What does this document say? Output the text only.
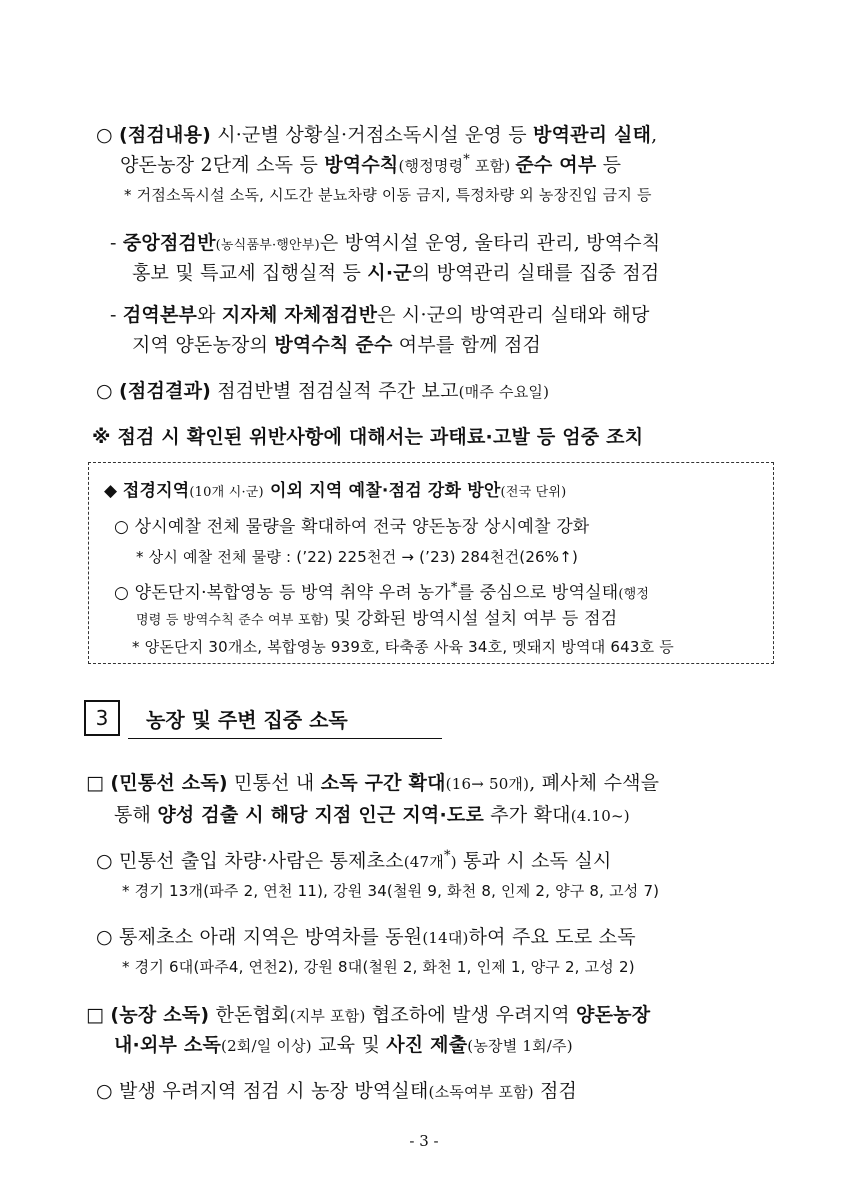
○ (점검내용) 시·군별 상황실·거점소독시설 운영 등 방역관리 실태,
양돈농장 2단계 소독 등 방역수칙(행정명령* 포함) 준수 여부 등
* 거점소독시설 소독, 시도간 분뇨차량 이동 금지, 특정차량 외 농장진입 금지 등
- 중앙점검반(농식품부·행안부)은 방역시설 운영, 울타리 관리, 방역수칙
홍보 및 특교세 집행실적 등 시·군의 방역관리 실태를 집중 점검
- 검역본부와 지자체 자체점검반은 시·군의 방역관리 실태와 해당
지역 양돈농장의 방역수칙 준수 여부를 함께 점검
○ (점검결과) 점검반별 점검실적 주간 보고(매주 수요일)
※ 점검 시 확인된 위반사항에 대해서는 과태료·고발 등 엄중 조치
◆ 접경지역(10개 시·군) 이외 지역 예찰·점검 강화 방안(전국 단위)
○ 상시예찰 전체 물량을 확대하여 전국 양돈농장 상시예찰 강화
* 상시 예찰 전체 물량 : (’22) 225천건 → (’23) 284천건(26%↑)
○ 양돈단지·복합영농 등 방역 취약 우려 농가*를 중심으로 방역실태(행정
명령 등 방역수칙 준수 여부 포함) 및 강화된 방역시설 설치 여부 등 점검
* 양돈단지 30개소, 복합영농 939호, 타축종 사육 34호, 멧돼지 방역대 643호 등
3	농장 및 주변 집중 소독
□ (민통선 소독) 민통선 내 소독 구간 확대(16→ 50개), 폐사체 수색을
통해 양성 검출 시 해당 지점 인근 지역·도로 추가 확대(4.10~)
○ 민통선 출입 차량·사람은 통제초소(47개*) 통과 시 소독 실시
* 경기 13개(파주 2, 연천 11), 강원 34(철원 9, 화천 8, 인제 2, 양구 8, 고성 7)
○ 통제초소 아래 지역은 방역차를 동원(14대)하여 주요 도로 소독
* 경기 6대(파주4, 연천2), 강원 8대(철원 2, 화천 1, 인제 1, 양구 2, 고성 2)
□ (농장 소독) 한돈협회(지부 포함) 협조하에 발생 우려지역 양돈농장
내·외부 소독(2회/일 이상) 교육 및 사진 제출(농장별 1회/주)
○ 발생 우려지역 점검 시 농장 방역실태(소독여부 포함) 점검
- 3 -
